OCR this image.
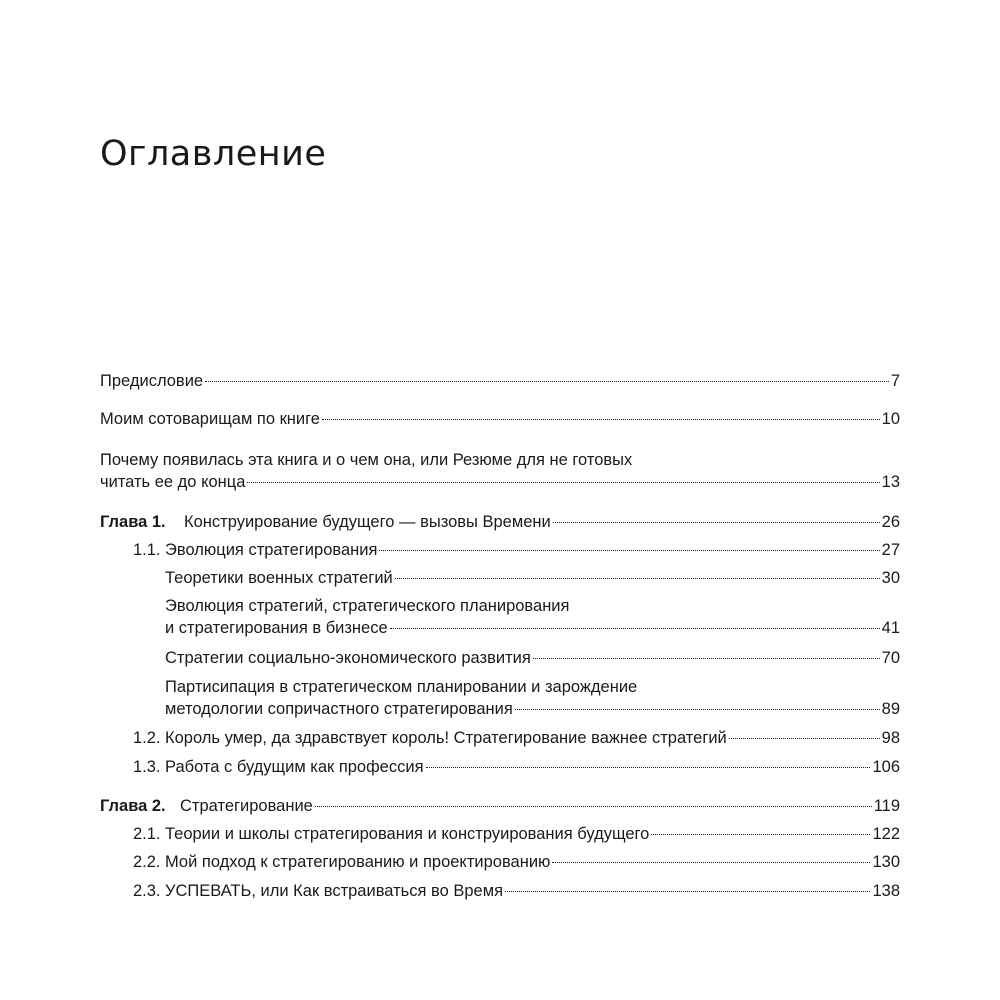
Оглавление
Предисловие	7
Моим сотоварищам по книге	10
Почему появилась эта книга и о чем она, или Резюме для не готовых
читать ее до конца	13
Глава 1.	Конструирование будущего — вызовы Времени	26
1.1. Эволюция стратегирования	27
Теоретики военных стратегий	30
Эволюция стратегий, стратегического планирования
и стратегирования в бизнесе	41
Стратегии социально-экономического развития	70
Партисипация в стратегическом планировании и зарождение
методологии сопричастного стратегирования	89
1.2. Король умер, да здравствует король! Стратегирование важнее стратегий	98
1.3. Работа с будущим как профессия	106
Глава 2. Стратегирование	119
2.1. Теории и школы стратегирования и конструирования будущего	122
2.2. Мой подход к стратегированию и проектированию	130
2.3. УСПЕВАТЬ, или Как встраиваться во Время	138
